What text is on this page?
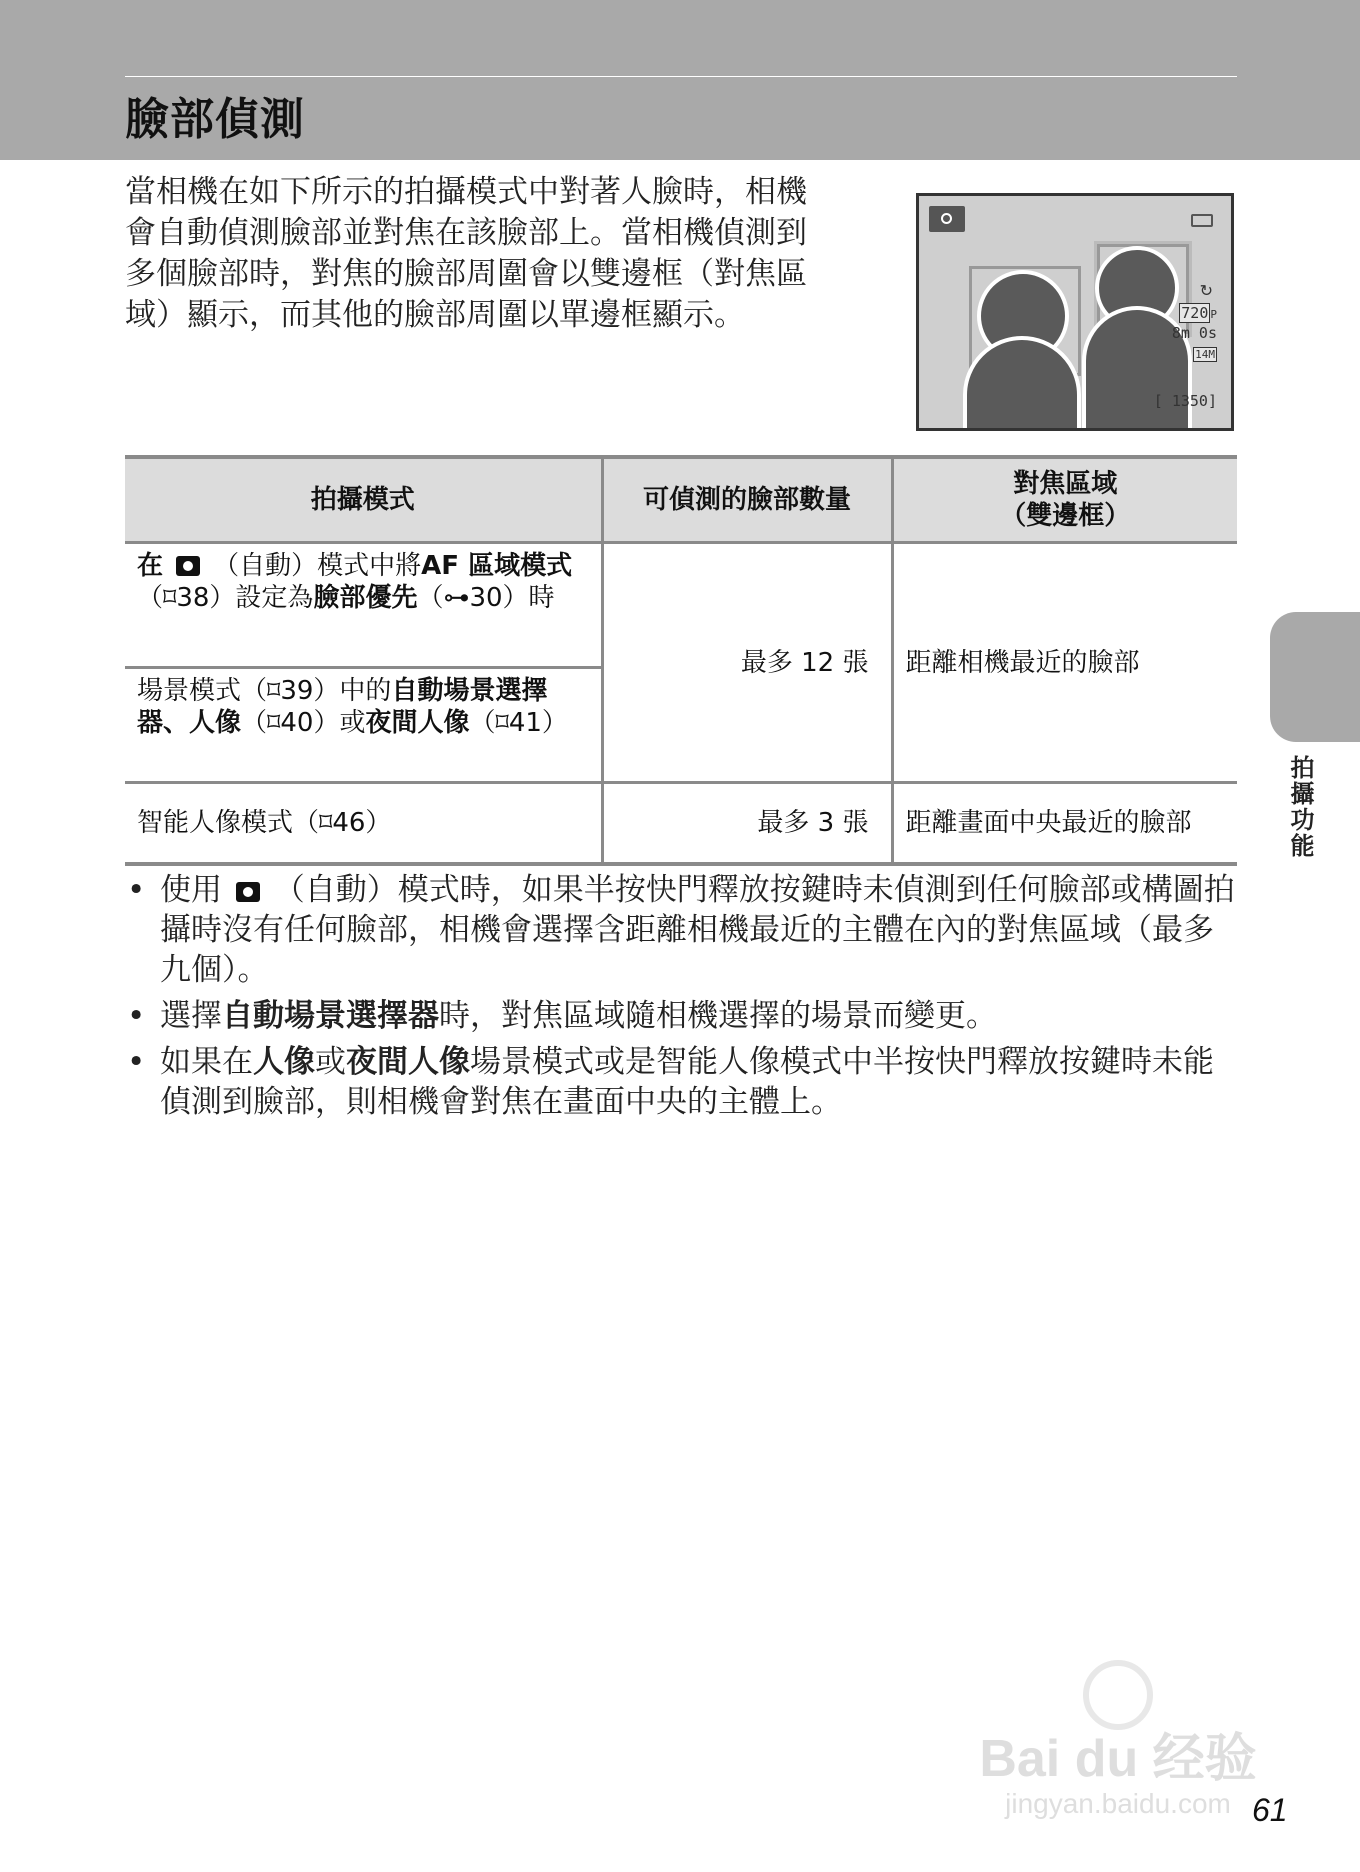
臉部偵測
當相機在如下所示的拍攝模式中對著人臉時，相機
會自動偵測臉部並對焦在該臉部上。當相機偵測到
多個臉部時，對焦的臉部周圍會以雙邊框（對焦區
域）顯示，而其他的臉部周圍以單邊框顯示。
↻
720 P
8m 0s
14M
[ 1350]
拍攝模式	可偵測的臉部數量	對焦區域
（雙邊框）

在 （自動）模式中將AF 區域模式（⌑38）設定為臉部優先（⊶30）時	最多 12 張	距離相機最近的臉部
場景模式（⌑39）中的自動場景選擇器、人像（⌑40）或夜間人像（⌑41）		
智能人像模式（⌑46）	最多 3 張	距離畫面中央最近的臉部
• 使用 （自動）模式時，如果半按快門釋放按鍵時未偵測到任何臉部或構圖拍攝時沒有任何臉部，相機會選擇含距離相機最近的主體在內的對焦區域（最多九個）。
• 選擇自動場景選擇器時，對焦區域隨相機選擇的場景而變更。
• 如果在人像或夜間人像場景模式或是智能人像模式中半按快門釋放按鍵時未能偵測到臉部，則相機會對焦在畫面中央的主體上。
拍攝功能
Bai du 经验
jingyan.baidu.com 61
